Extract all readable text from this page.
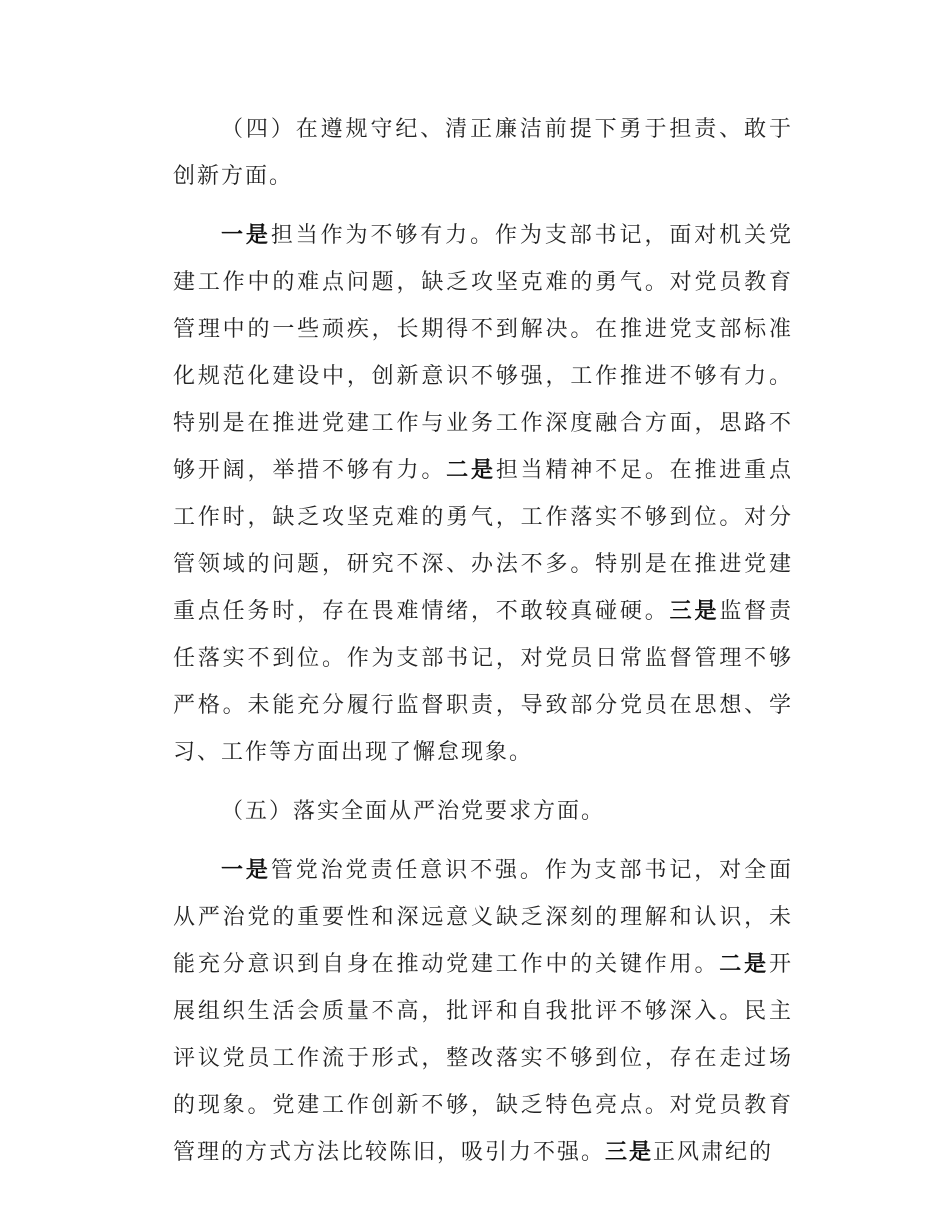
（四）在遵规守纪、清正廉洁前提下勇于担责、敢于创新方面。

一是担当作为不够有力。作为支部书记，面对机关党建工作中的难点问题，缺乏攻坚克难的勇气。对党员教育管理中的一些顽疾，长期得不到解决。在推进党支部标准化规范化建设中，创新意识不够强，工作推进不够有力。特别是在推进党建工作与业务工作深度融合方面，思路不够开阔，举措不够有力。二是担当精神不足。在推进重点工作时，缺乏攻坚克难的勇气，工作落实不够到位。对分管领域的问题，研究不深、办法不多。特别是在推进党建重点任务时，存在畏难情绪，不敢较真碰硬。三是监督责任落实不到位。作为支部书记，对党员日常监督管理不够严格。未能充分履行监督职责，导致部分党员在思想、学习、工作等方面出现了懈怠现象。

（五）落实全面从严治党要求方面。

一是管党治党责任意识不强。作为支部书记，对全面从严治党的重要性和深远意义缺乏深刻的理解和认识，未能充分意识到自身在推动党建工作中的关键作用。二是开展组织生活会质量不高，批评和自我批评不够深入。民主评议党员工作流于形式，整改落实不够到位，存在走过场的现象。党建工作创新不够，缺乏特色亮点。对党员教育管理的方式方法比较陈旧，吸引力不强。三是正风肃纪的
